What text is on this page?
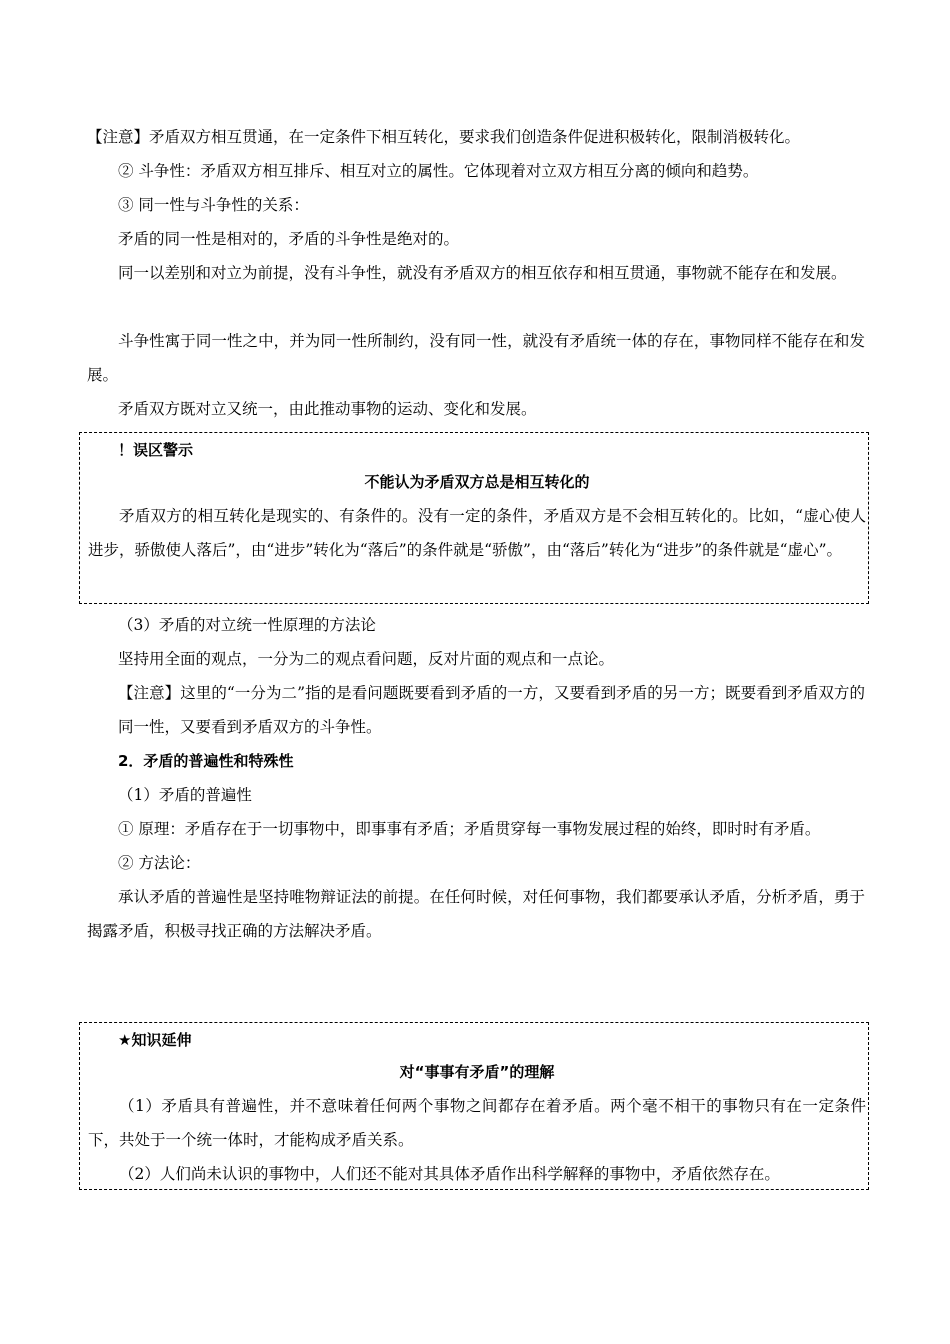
【注意】矛盾双方相互贯通，在一定条件下相互转化，要求我们创造条件促进积极转化，限制消极转化。

② 斗争性：矛盾双方相互排斥、相互对立的属性。它体现着对立双方相互分离的倾向和趋势。

③ 同一性与斗争性的关系：

矛盾的同一性是相对的，矛盾的斗争性是绝对的。

同一以差别和对立为前提，没有斗争性，就没有矛盾双方的相互依存和相互贯通，事物就不能存在和发展。

斗争性寓于同一性之中，并为同一性所制约，没有同一性，就没有矛盾统一体的存在，事物同样不能存在和发展。

矛盾双方既对立又统一，由此推动事物的运动、变化和发展。

！误区警示

不能认为矛盾双方总是相互转化的

矛盾双方的相互转化是现实的、有条件的。没有一定的条件，矛盾双方是不会相互转化的。比如，“虚心使人进步，骄傲使人落后”，由“进步”转化为“落后”的条件就是“骄傲”，由“落后”转化为“进步”的条件就是“虚心”。

（3）矛盾的对立统一性原理的方法论

坚持用全面的观点，一分为二的观点看问题，反对片面的观点和一点论。

【注意】这里的“一分为二”指的是看问题既要看到矛盾的一方，又要看到矛盾的另一方；既要看到矛盾双方的同一性，又要看到矛盾双方的斗争性。

2．矛盾的普遍性和特殊性

（1）矛盾的普遍性

① 原理：矛盾存在于一切事物中，即事事有矛盾；矛盾贯穿每一事物发展过程的始终，即时时有矛盾。

② 方法论：

承认矛盾的普遍性是坚持唯物辩证法的前提。在任何时候，对任何事物，我们都要承认矛盾，分析矛盾，勇于揭露矛盾，积极寻找正确的方法解决矛盾。

★知识延伸

对“事事有矛盾”的理解

（1）矛盾具有普遍性，并不意味着任何两个事物之间都存在着矛盾。两个毫不相干的事物只有在一定条件下，共处于一个统一体时，才能构成矛盾关系。

（2）人们尚未认识的事物中，人们还不能对其具体矛盾作出科学解释的事物中，矛盾依然存在。
